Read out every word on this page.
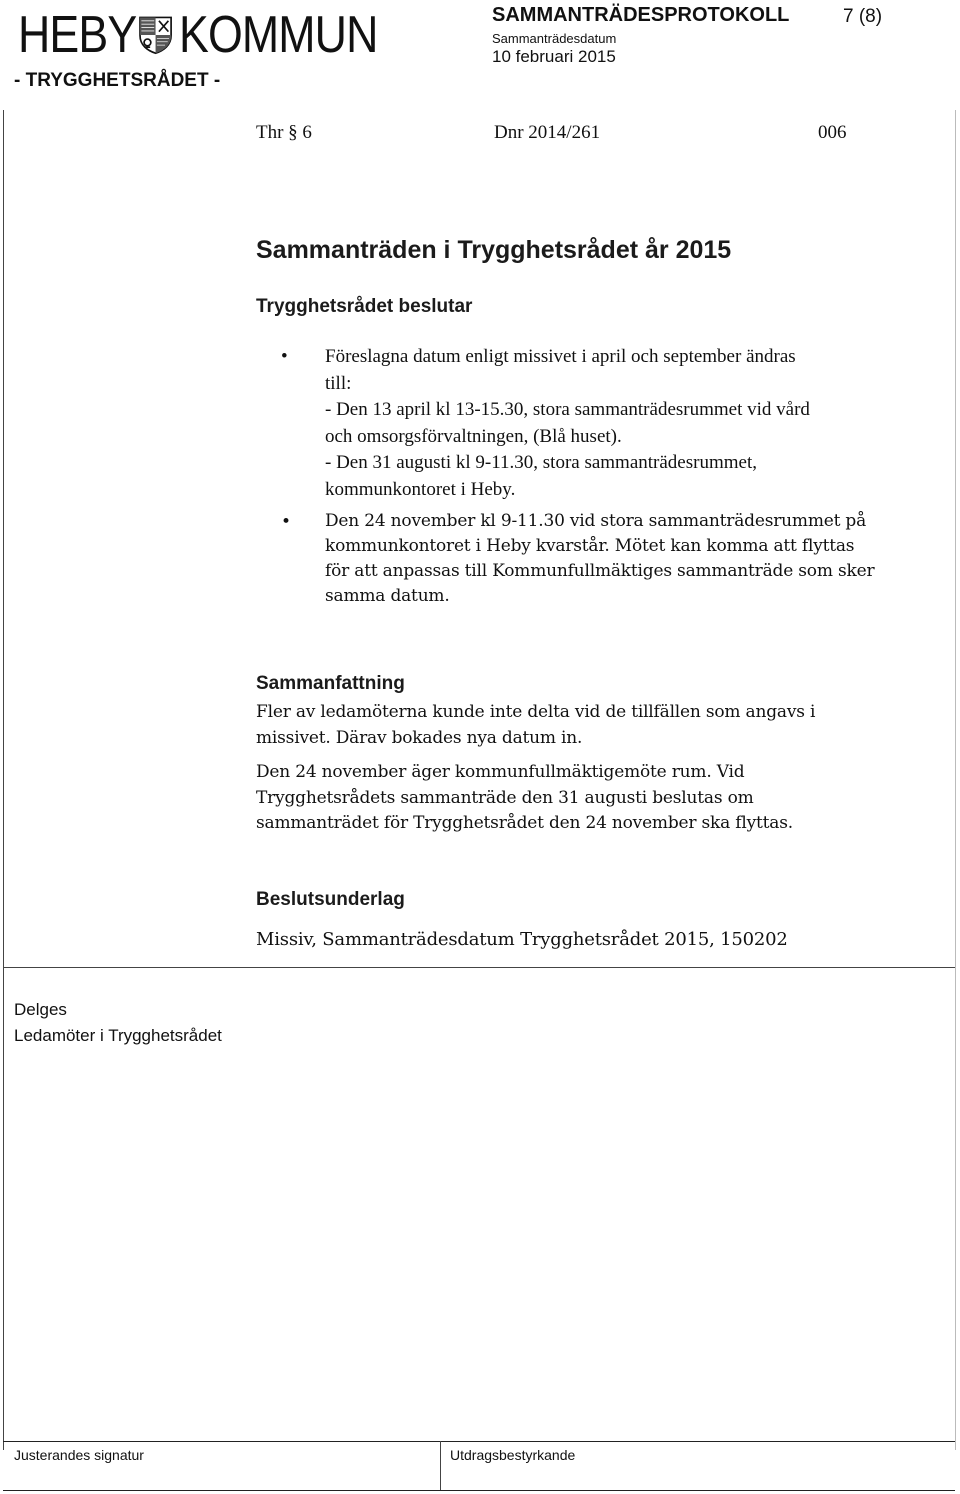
HEBY KOMMUN
- TRYGGHETSRÅDET -
SAMMANTRÄDESPROTOKOLL	7 (8)
Sammanträdesdatum
10 februari 2015
Thr § 6	Dnr 2014/261	006
Sammanträden i Trygghetsrådet år 2015
Trygghetsrådet beslutar
• Föreslagna datum enligt missivet i april och september ändras
till:
- Den 13 april kl 13-15.30, stora sammanträdesrummet vid vård
och omsorgsförvaltningen, (Blå huset).
- Den 31 augusti kl 9-11.30, stora sammanträdesrummet,
kommunkontoret i Heby.
• Den 24 november kl 9-11.30 vid stora sammanträdesrummet på
kommunkontoret i Heby kvarstår. Mötet kan komma att flyttas
för att anpassas till Kommunfullmäktiges sammanträde som sker
samma datum.
Sammanfattning
Fler av ledamöterna kunde inte delta vid de tillfällen som angavs i
missivet. Därav bokades nya datum in.
Den 24 november äger kommunfullmäktigemöte rum. Vid
Trygghetsrådets sammanträde den 31 augusti beslutas om
sammanträdet för Trygghetsrådet den 24 november ska flyttas.
Beslutsunderlag
Missiv, Sammanträdesdatum Trygghetsrådet 2015, 150202
Delges
Ledamöter i Trygghetsrådet
Justerandes signatur	Utdragsbestyrkande
